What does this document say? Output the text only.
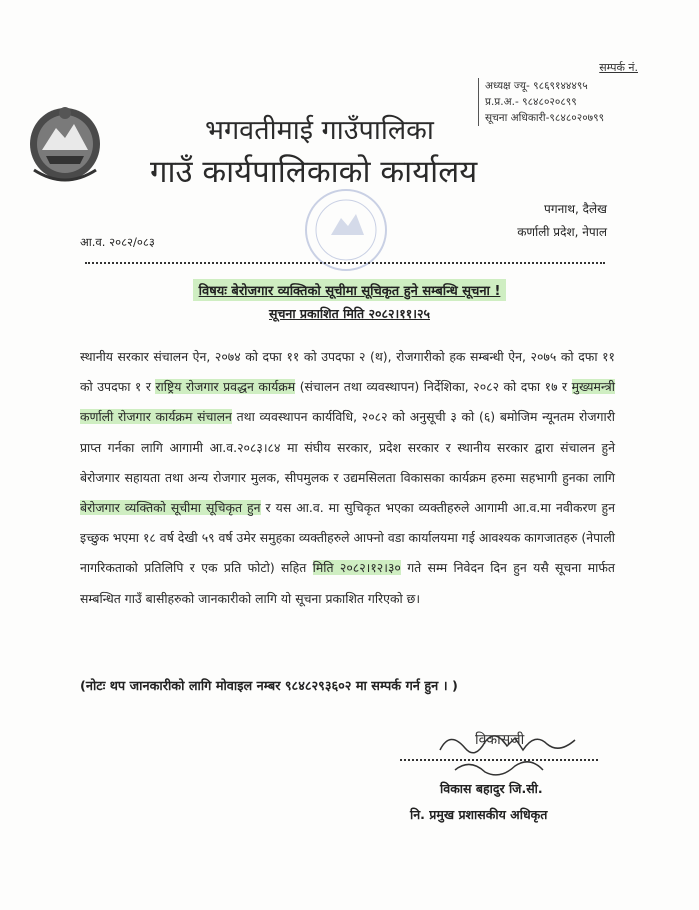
भगवतीमाई गाउँपालिका
गाउँ कार्यपालिकाको कार्यालय
सम्पर्क नं.
अध्यक्ष ज्यू- ९८६९१४४४९५
प्र.प्र.अ.- ९८४८०२०८९९
सूचना अधिकारी-९८४८०२०७९९
पगनाथ, दैलेख
कर्णाली प्रदेश, नेपाल
आ.व. २०८२/०८३
विषयः बेरोजगार व्यक्तिको सूचीमा सूचिकृत हुने सम्बन्धि सूचना !
सूचना प्रकाशित मिति २०८२।११।२५
स्थानीय सरकार संचालन ऐन, २०७४ को दफा ११ को उपदफा २ (थ), रोजगारीको हक सम्बन्धी ऐन, २०७५ को दफा ११ को उपदफा १ र राष्ट्रिय रोजगार प्रवद्धन कार्यक्रम (संचालन तथा व्यवस्थापन) निर्देशिका, २०८२ को दफा १७ र मुख्यमन्त्री कर्णाली रोजगार कार्यक्रम संचालन तथा व्यवस्थापन कार्यविधि, २०८२ को अनुसूची ३ को (६) बमोजिम न्यूनतम रोजगारी प्राप्त गर्नका लागि आगामी आ.व.२०८३।८४ मा संघीय सरकार, प्रदेश सरकार र स्थानीय सरकार द्वारा संचालन हुने बेरोजगार सहायता तथा अन्य रोजगार मुलक, सीपमुलक र उद्यमसिलता विकासका कार्यक्रम हरुमा सहभागी हुनका लागि बेरोजगार व्यक्तिको सूचीमा सूचिकृत हुन र यस आ.व. मा सुचिकृत भएका व्यक्तीहरुले आगामी आ.व.मा नवीकरण हुन इच्छुक भएमा १८ वर्ष देखी ५९ वर्ष उमेर समुहका व्यक्तीहरुले आफ्नो वडा कार्यालयमा गई आवश्यक कागजातहरु (नेपाली नागरिकताको प्रतिलिपि र एक प्रति फोटो) सहित मिति २०८२।१२।३० गते सम्म निवेदन दिन हुन यसै सूचना मार्फत सम्बन्धित गाउँ बासीहरुको जानकारीको लागि यो सूचना प्रकाशित गरिएको छ।
(नोटः थप जानकारीको लागि मोवाइल नम्बर ९८४८२९३६०२ मा सम्पर्क गर्न हुन । )
विकासजी
विकास बहादुर जि.सी.
नि. प्रमुख प्रशासकीय अधिकृत
